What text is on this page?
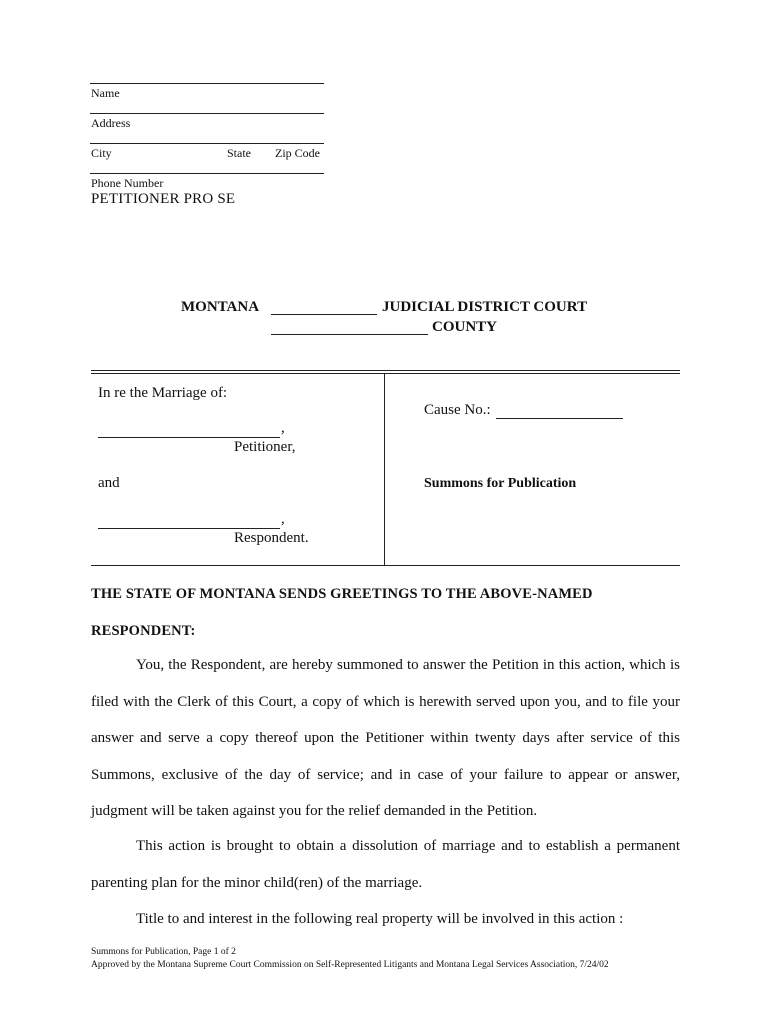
Name
Address
City	State Zip Code
Phone Number
PETITIONER PRO SE
MONTANA	JUDICIAL DISTRICT COURT
COUNTY
In re the Marriage of:
,
Petitioner,
and
,
Respondent.
Cause No.:
Summons for Publication
THE STATE OF MONTANA SENDS GREETINGS TO THE ABOVE-NAMED
RESPONDENT:
You, the Respondent, are hereby summoned to answer the Petition in this action, which is filed with the Clerk of this Court, a copy of which is herewith served upon you, and to file your answer and serve a copy thereof upon the Petitioner within twenty days after service of this Summons, exclusive of the day of service; and in case of your failure to appear or answer, judgment will be taken against you for the relief demanded in the Petition.
This action is brought to obtain a dissolution of marriage and to establish a permanent parenting plan for the minor child(ren) of the marriage.
Title to and interest in the following real property will be involved in this action :
Summons for Publication, Page 1 of 2
Approved by the Montana Supreme Court Commission on Self-Represented Litigants and Montana Legal Services Association, 7/24/02
